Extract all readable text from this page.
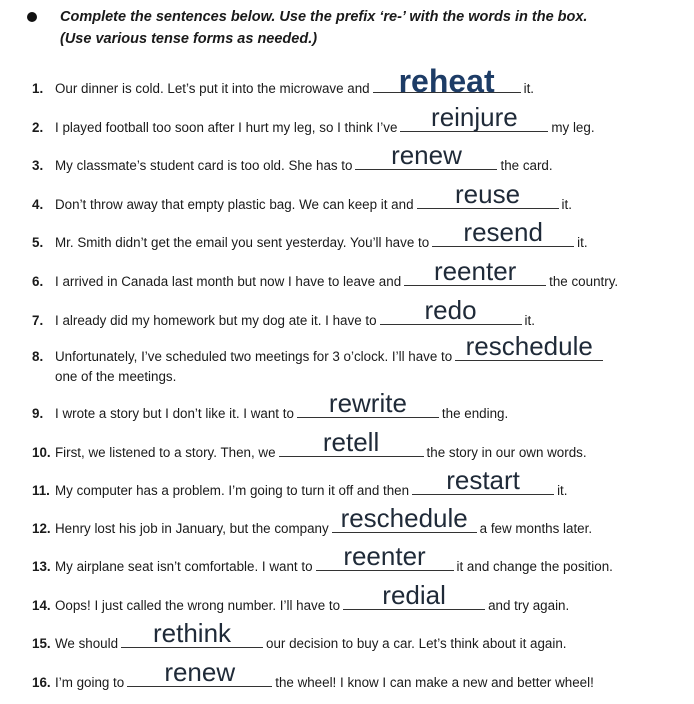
Complete the sentences below. Use the prefix ‘re-’ with the words in the box.
(Use various tense forms as needed.)
1. Our dinner is cold. Let’s put it into the microwave and reheat	it.
2. I played football too soon after I hurt my leg, so I think I’ve	reinjure	my leg.
3. My classmate’s student card is too old. She has to	renew	the card.
4. Don’t throw away that empty plastic bag. We can keep it and	reuse	it.
5. Mr. Smith didn’t get the email you sent yesterday. You’ll have to	resend	it.
6. I arrived in Canada last month but now I have to leave and	reenter	the country.
7. I already did my homework but my dog ate it. I have to	redo	it.
8. Unfortunately, I’ve scheduled two meetings for 3 o’clock. I’ll have to reschedule
one of the meetings.
9. I wrote a story but I don’t like it. I want to	rewrite	the ending.
10. First, we listened to a story. Then, we	retell	the story in our own words.
11. My computer has a problem. I’m going to turn it off and then	restart	it.
12. Henry lost his job in January, but the company reschedule a few months later.
13. My airplane seat isn’t comfortable. I want to	reenter	it and change the position.
14. Oops! I just called the wrong number. I’ll have to	redial	and try again.
15. We should	rethink	our decision to buy a car. Let’s think about it again.
16. I’m going to	renew	the wheel! I know I can make a new and better wheel!
